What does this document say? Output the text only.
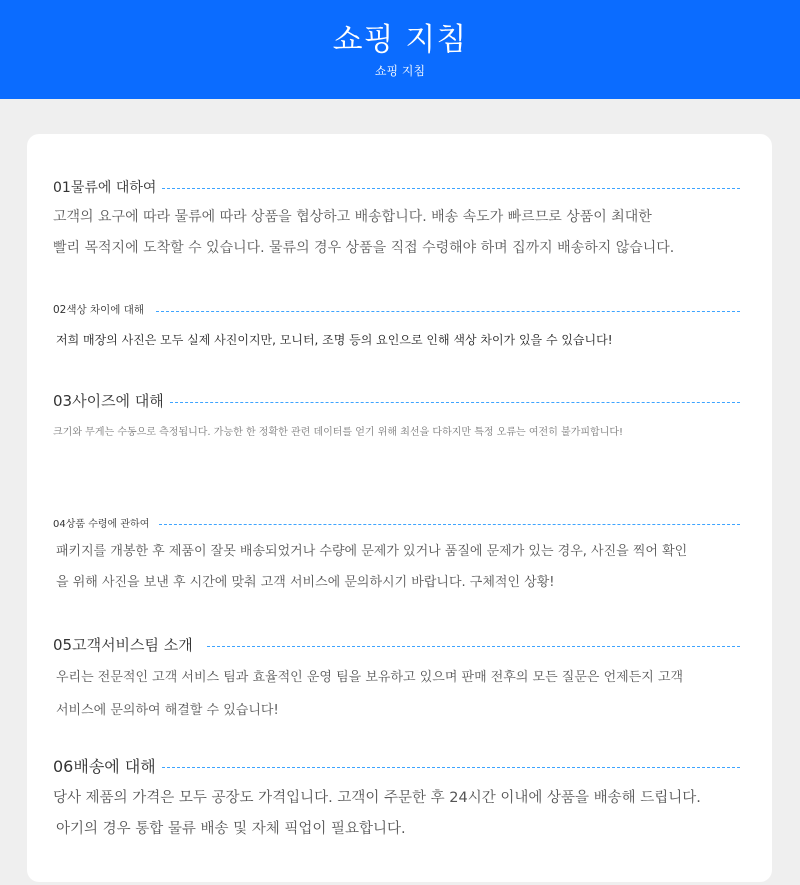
쇼핑 지침
쇼핑 지침
01물류에 대하여

고객의 요구에 따라 물류에 따라 상품을 협상하고 배송합니다. 배송 속도가 빠르므로 상품이 최대한
빨리 목적지에 도착할 수 있습니다. 물류의 경우 상품을 직접 수령해야 하며 집까지 배송하지 않습니다.

02색상 차이에 대해

저희 매장의 사진은 모두 실제 사진이지만, 모니터, 조명 등의 요인으로 인해 색상 차이가 있을 수 있습니다!

03사이즈에 대해

크기와 무게는 수동으로 측정됩니다. 가능한 한 정확한 관련 데이터를 얻기 위해 최선을 다하지만 특정 오류는 여전히 불가피합니다!

04상품 수령에 관하여

패키지를 개봉한 후 제품이 잘못 배송되었거나 수량에 문제가 있거나 품질에 문제가 있는 경우, 사진을 찍어 확인
을 위해 사진을 보낸 후 시간에 맞춰 고객 서비스에 문의하시기 바랍니다. 구체적인 상황!

05고객서비스팀 소개

우리는 전문적인 고객 서비스 팀과 효율적인 운영 팀을 보유하고 있으며 판매 전후의 모든 질문은 언제든지 고객
서비스에 문의하여 해결할 수 있습니다!

06배송에 대해

당사 제품의 가격은 모두 공장도 가격입니다. 고객이 주문한 후 24시간 이내에 상품을 배송해 드립니다.
아기의 경우 통합 물류 배송 및 자체 픽업이 필요합니다.
